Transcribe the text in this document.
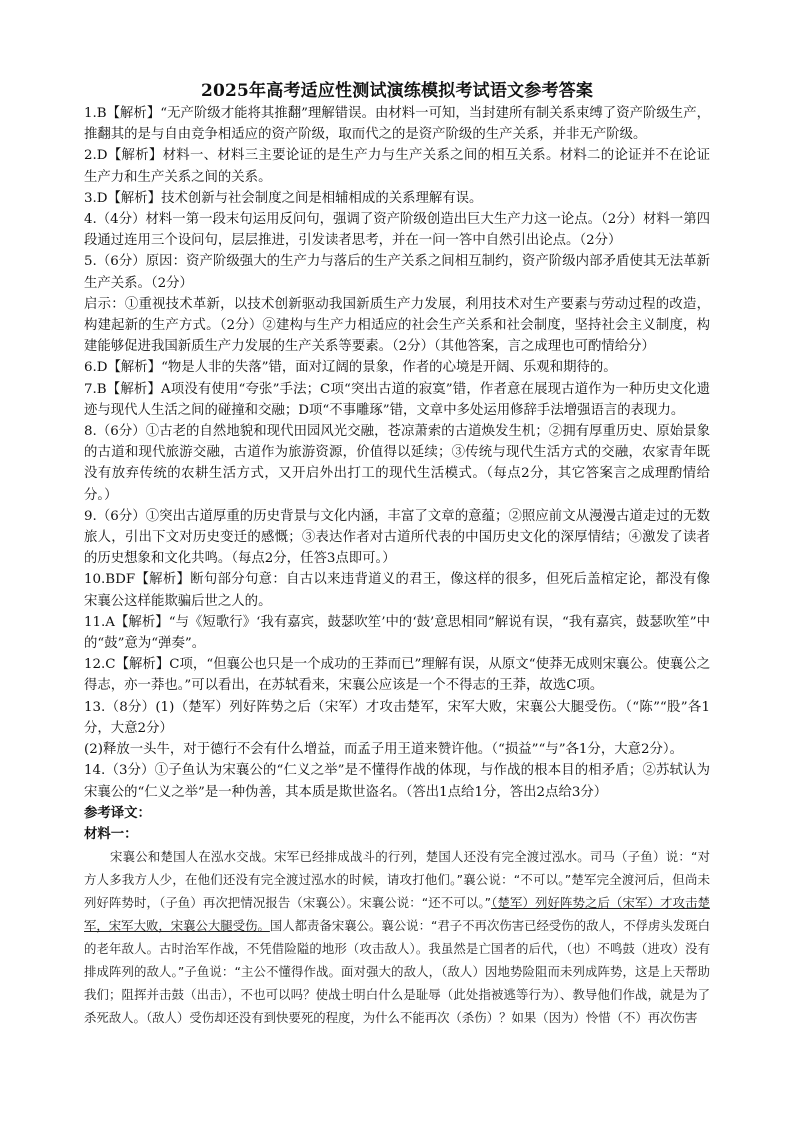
2025年高考适应性测试演练模拟考试语文参考答案

1.B【解析】“无产阶级才能将其推翻”理解错误。由材料一可知，当封建所有制关系束缚了资产阶级生产，推翻其的是与自由竞争相适应的资产阶级，取而代之的是资产阶级的生产关系，并非无产阶级。

2.D【解析】材料一、材料三主要论证的是生产力与生产关系之间的相互关系。材料二的论证并不在论证生产力和生产关系之间的关系。

3.D【解析】技术创新与社会制度之间是相辅相成的关系理解有误。

4.（4分）材料一第一段末句运用反问句，强调了资产阶级创造出巨大生产力这一论点。（2分）材料一第四段通过连用三个设问句，层层推进，引发读者思考，并在一问一答中自然引出论点。（2分）

5.（6分）原因：资产阶级强大的生产力与落后的生产关系之间相互制约，资产阶级内部矛盾使其无法革新生产关系。（2分）

启示：①重视技术革新，以技术创新驱动我国新质生产力发展，利用技术对生产要素与劳动过程的改造，构建起新的生产方式。（2分）②建构与生产力相适应的社会生产关系和社会制度，坚持社会主义制度，构建能够促进我国新质生产力发展的生产关系等要素。（2分）（其他答案，言之成理也可酌情给分）

6.D【解析】“物是人非的失落”错，面对辽阔的景象，作者的心境是开阔、乐观和期待的。

7.B【解析】A项没有使用“夸张”手法；C项“突出古道的寂寞”错，作者意在展现古道作为一种历史文化遗迹与现代人生活之间的碰撞和交融；D项“不事雕琢”错，文章中多处运用修辞手法增强语言的表现力。

8.（6分）①古老的自然地貌和现代田园风光交融，苍凉萧索的古道焕发生机；②拥有厚重历史、原始景象的古道和现代旅游交融，古道作为旅游资源，价值得以延续；③传统与现代生活方式的交融，农家青年既没有放弃传统的农耕生活方式，又开启外出打工的现代生活模式。（每点2分，其它答案言之成理酌情给分。）

9.（6分）①突出古道厚重的历史背景与文化内涵，丰富了文章的意蕴；②照应前文从漫漫古道走过的无数旅人，引出下文对历史变迁的感慨；③表达作者对古道所代表的中国历史文化的深厚情结；④激发了读者的历史想象和文化共鸣。（每点2分，任答3点即可。）

10.BDF【解析】断句部分句意：自古以来违背道义的君王，像这样的很多，但死后盖棺定论，都没有像宋襄公这样能欺骗后世之人的。

11.A【解析】“与《短歌行》‘我有嘉宾，鼓瑟吹笙’中的‘鼓’意思相同”解说有误，“我有嘉宾，鼓瑟吹笙”中的“鼓”意为“弹奏”。

12.C【解析】C项，“但襄公也只是一个成功的王莽而已”理解有误，从原文“使莽无成则宋襄公。使襄公之得志，亦一莽也。”可以看出，在苏轼看来，宋襄公应该是一个不得志的王莽，故选C项。

13.（8分）(1)（楚军）列好阵势之后（宋军）才攻击楚军，宋军大败，宋襄公大腿受伤。（“陈”“股”各1分，大意2分）

(2)释放一头牛，对于德行不会有什么增益，而孟子用王道来赞许他。（“损益”“与”各1分，大意2分）。

14.（3分）①子鱼认为宋襄公的“仁义之举”是不懂得作战的体现，与作战的根本目的相矛盾；②苏轼认为宋襄公的“仁义之举”是一种伪善，其本质是欺世盗名。（答出1点给1分，答出2点给3分）

参考译文：

材料一：

宋襄公和楚国人在泓水交战。宋军已经排成战斗的行列，楚国人还没有完全渡过泓水。司马（子鱼）说：“对方人多我方人少，在他们还没有完全渡过泓水的时候，请攻打他们。”襄公说：“不可以。”楚军完全渡河后，但尚未列好阵势时，（子鱼）再次把情况报告（宋襄公）。宋襄公说：“还不可以。”（楚军）列好阵势之后（宋军）才攻击楚军，宋军大败，宋襄公大腿受伤。国人都责备宋襄公。襄公说：“君子不再次伤害已经受伤的敌人，不俘虏头发斑白的老年敌人。古时治军作战，不凭借险隘的地形（攻击敌人）。我虽然是亡国者的后代，（也）不鸣鼓（进攻）没有排成阵列的敌人。”子鱼说：“主公不懂得作战。面对强大的敌人，（敌人）因地势险阻而未列成阵势，这是上天帮助我们；阻挥并击鼓（出击），不也可以吗？使战士明白什么是耻辱（此处指被逃等行为）、教导他们作战，就是为了杀死敌人。（敌人）受伤却还没有到快要死的程度，为什么不能再次（杀伤）？如果（因为）怜惜（不）再次伤害
